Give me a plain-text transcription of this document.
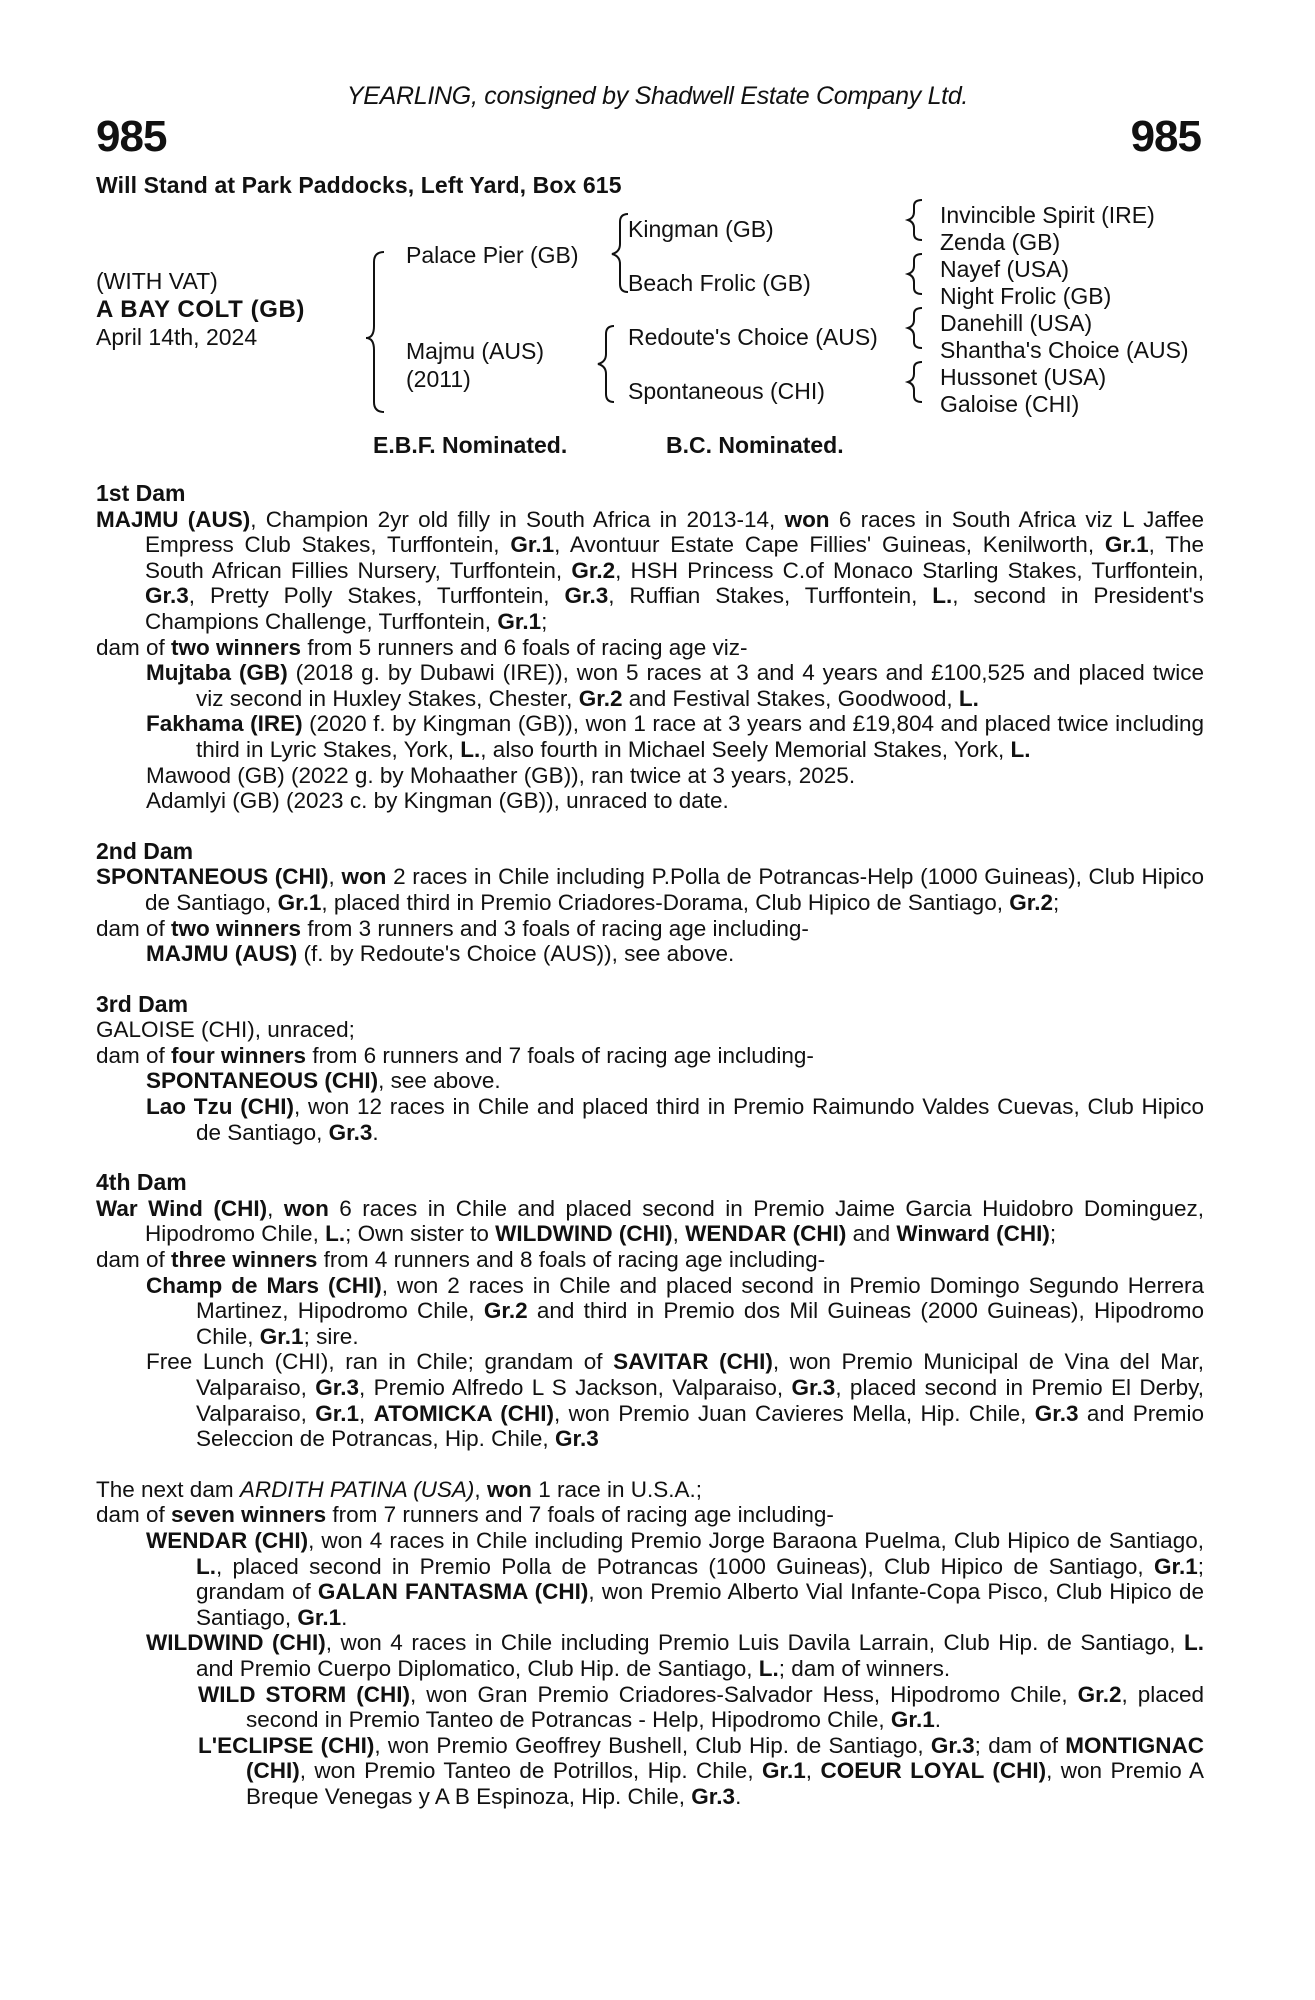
YEARLING, consigned by Shadwell Estate Company Ltd.
985	985
Will Stand at Park Paddocks, Left Yard, Box 615
(WITH VAT)
A BAY COLT (GB)
April 14th, 2024
Palace Pier (GB)
Majmu (AUS)
(2011)
Kingman (GB)
Beach Frolic (GB)
Redoute's Choice (AUS)
Spontaneous (CHI)
Invincible Spirit (IRE)
Zenda (GB)
Nayef (USA)
Night Frolic (GB)
Danehill (USA)
Shantha's Choice (AUS)
Hussonet (USA)
Galoise (CHI)
E.B.F. Nominated.	B.C. Nominated.
1st Dam
MAJMU (AUS), Champion 2yr old filly in South Africa in 2013-14, won 6 races in South Africa viz L Jaffee Empress Club Stakes, Turffontein, Gr.1, Avontuur Estate Cape Fillies' Guineas, Kenilworth, Gr.1, The South African Fillies Nursery, Turffontein, Gr.2, HSH Princess C.of Monaco Starling Stakes, Turffontein, Gr.3, Pretty Polly Stakes, Turffontein, Gr.3, Ruffian Stakes, Turffontein, L., second in President's Champions Challenge, Turffontein, Gr.1;
dam of two winners from 5 runners and 6 foals of racing age viz-
Mujtaba (GB) (2018 g. by Dubawi (IRE)), won 5 races at 3 and 4 years and £100,525 and placed twice viz second in Huxley Stakes, Chester, Gr.2 and Festival Stakes, Goodwood, L.
Fakhama (IRE) (2020 f. by Kingman (GB)), won 1 race at 3 years and £19,804 and placed twice including third in Lyric Stakes, York, L., also fourth in Michael Seely Memorial Stakes, York, L.
Mawood (GB) (2022 g. by Mohaather (GB)), ran twice at 3 years, 2025.
Adamlyi (GB) (2023 c. by Kingman (GB)), unraced to date.
2nd Dam
SPONTANEOUS (CHI), won 2 races in Chile including P.Polla de Potrancas-Help (1000 Guineas), Club Hipico de Santiago, Gr.1, placed third in Premio Criadores-Dorama, Club Hipico de Santiago, Gr.2;
dam of two winners from 3 runners and 3 foals of racing age including-
MAJMU (AUS) (f. by Redoute's Choice (AUS)), see above.
3rd Dam
GALOISE (CHI), unraced;
dam of four winners from 6 runners and 7 foals of racing age including-
SPONTANEOUS (CHI), see above.
Lao Tzu (CHI), won 12 races in Chile and placed third in Premio Raimundo Valdes Cuevas, Club Hipico de Santiago, Gr.3.
4th Dam
War Wind (CHI), won 6 races in Chile and placed second in Premio Jaime Garcia Huidobro Dominguez, Hipodromo Chile, L.; Own sister to WILDWIND (CHI), WENDAR (CHI) and Winward (CHI);
dam of three winners from 4 runners and 8 foals of racing age including-
Champ de Mars (CHI), won 2 races in Chile and placed second in Premio Domingo Segundo Herrera Martinez, Hipodromo Chile, Gr.2 and third in Premio dos Mil Guineas (2000 Guineas), Hipodromo Chile, Gr.1; sire.
Free Lunch (CHI), ran in Chile; grandam of SAVITAR (CHI), won Premio Municipal de Vina del Mar, Valparaiso, Gr.3, Premio Alfredo L S Jackson, Valparaiso, Gr.3, placed second in Premio El Derby, Valparaiso, Gr.1, ATOMICKA (CHI), won Premio Juan Cavieres Mella, Hip. Chile, Gr.3 and Premio Seleccion de Potrancas, Hip. Chile, Gr.3
The next dam ARDITH PATINA (USA), won 1 race in U.S.A.;
dam of seven winners from 7 runners and 7 foals of racing age including-
WENDAR (CHI), won 4 races in Chile including Premio Jorge Baraona Puelma, Club Hipico de Santiago, L., placed second in Premio Polla de Potrancas (1000 Guineas), Club Hipico de Santiago, Gr.1; grandam of GALAN FANTASMA (CHI), won Premio Alberto Vial Infante-Copa Pisco, Club Hipico de Santiago, Gr.1.
WILDWIND (CHI), won 4 races in Chile including Premio Luis Davila Larrain, Club Hip. de Santiago, L. and Premio Cuerpo Diplomatico, Club Hip. de Santiago, L.; dam of winners.
WILD STORM (CHI), won Gran Premio Criadores-Salvador Hess, Hipodromo Chile, Gr.2, placed second in Premio Tanteo de Potrancas - Help, Hipodromo Chile, Gr.1.
L'ECLIPSE (CHI), won Premio Geoffrey Bushell, Club Hip. de Santiago, Gr.3; dam of MONTIGNAC (CHI), won Premio Tanteo de Potrillos, Hip. Chile, Gr.1, COEUR LOYAL (CHI), won Premio A Breque Venegas y A B Espinoza, Hip. Chile, Gr.3.
